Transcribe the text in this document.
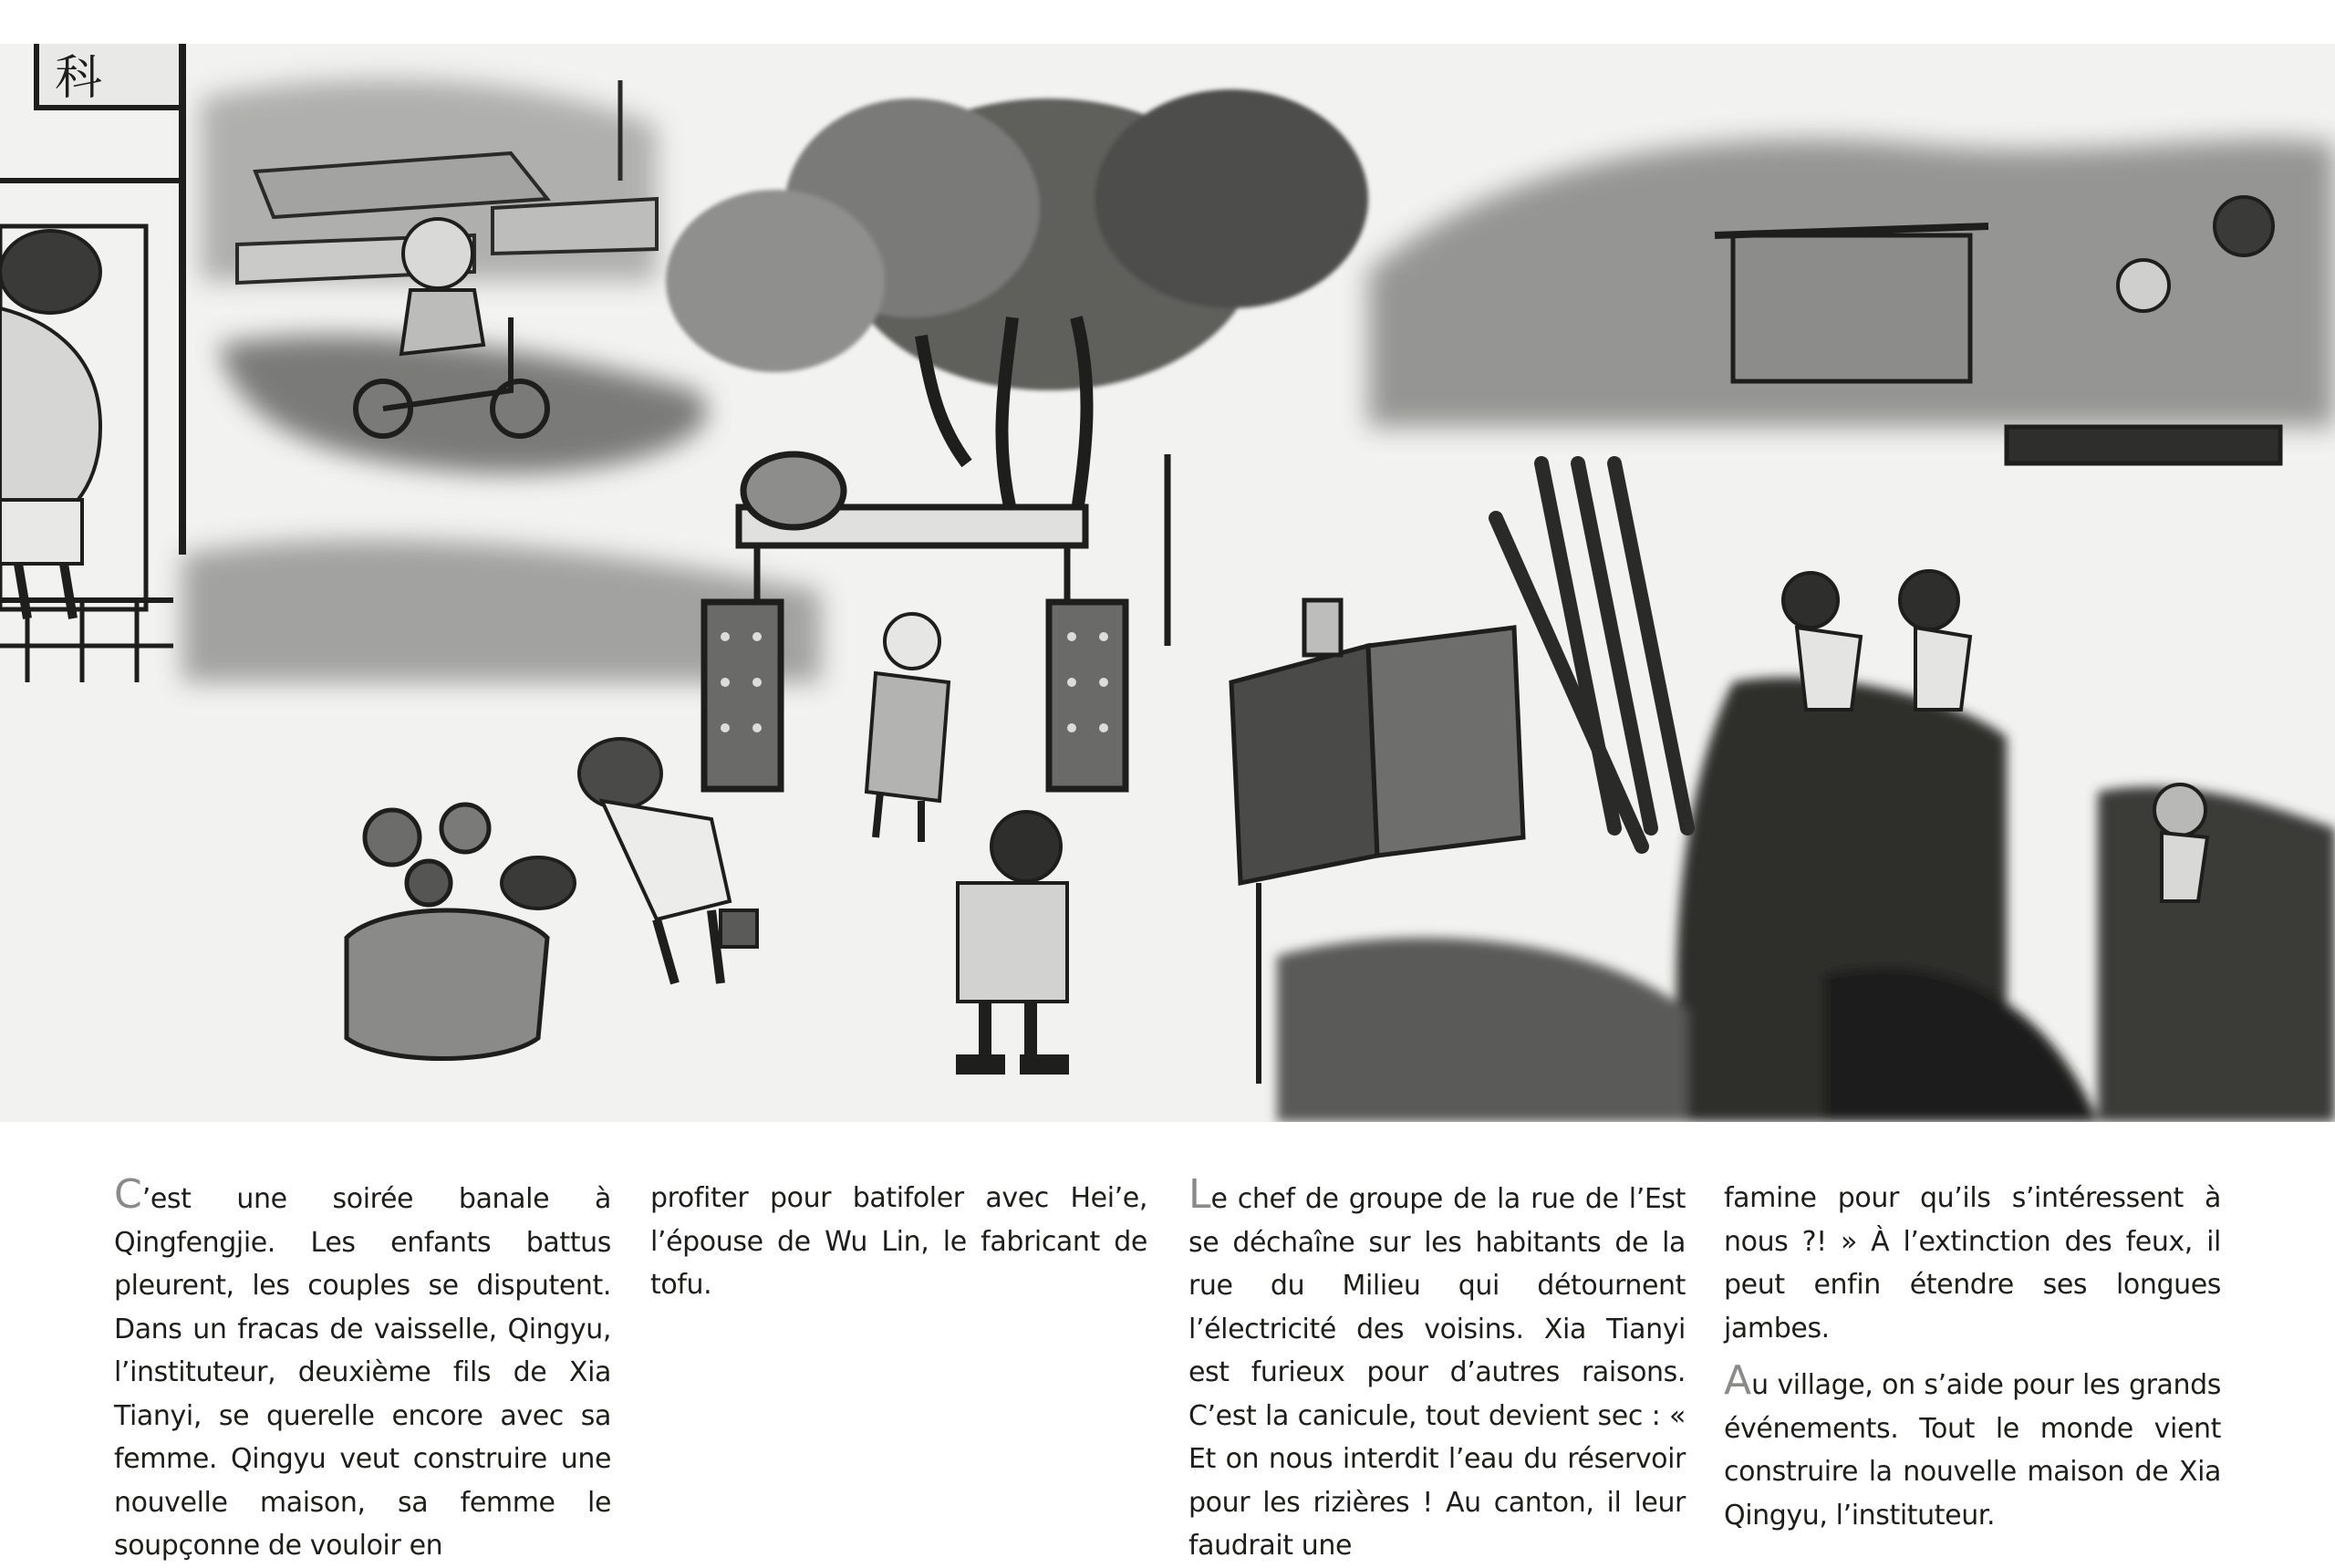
科

C’est une soirée banale à Qingfengjie. Les enfants battus pleurent, les couples se disputent. Dans un fracas de vaisselle, Qingyu, l’instituteur, deuxième fils de Xia Tianyi, se querelle encore avec sa femme. Qingyu veut construire une nouvelle maison, sa femme le soupçonne de vouloir en

profiter pour batifoler avec Hei’e, l’épouse de Wu Lin, le fabricant de tofu.

Le chef de groupe de la rue de l’Est se déchaîne sur les habitants de la rue du Milieu qui détournent l’électricité des voisins. Xia Tianyi est furieux pour d’autres raisons. C’est la canicule, tout devient sec : « Et on nous interdit l’eau du réservoir pour les rizières ! Au canton, il leur faudrait une

famine pour qu’ils s’intéressent à nous ?! » À l’extinction des feux, il peut enfin étendre ses longues jambes.

Au village, on s’aide pour les grands événements. Tout le monde vient construire la nouvelle maison de Xia Qingyu, l’instituteur.
